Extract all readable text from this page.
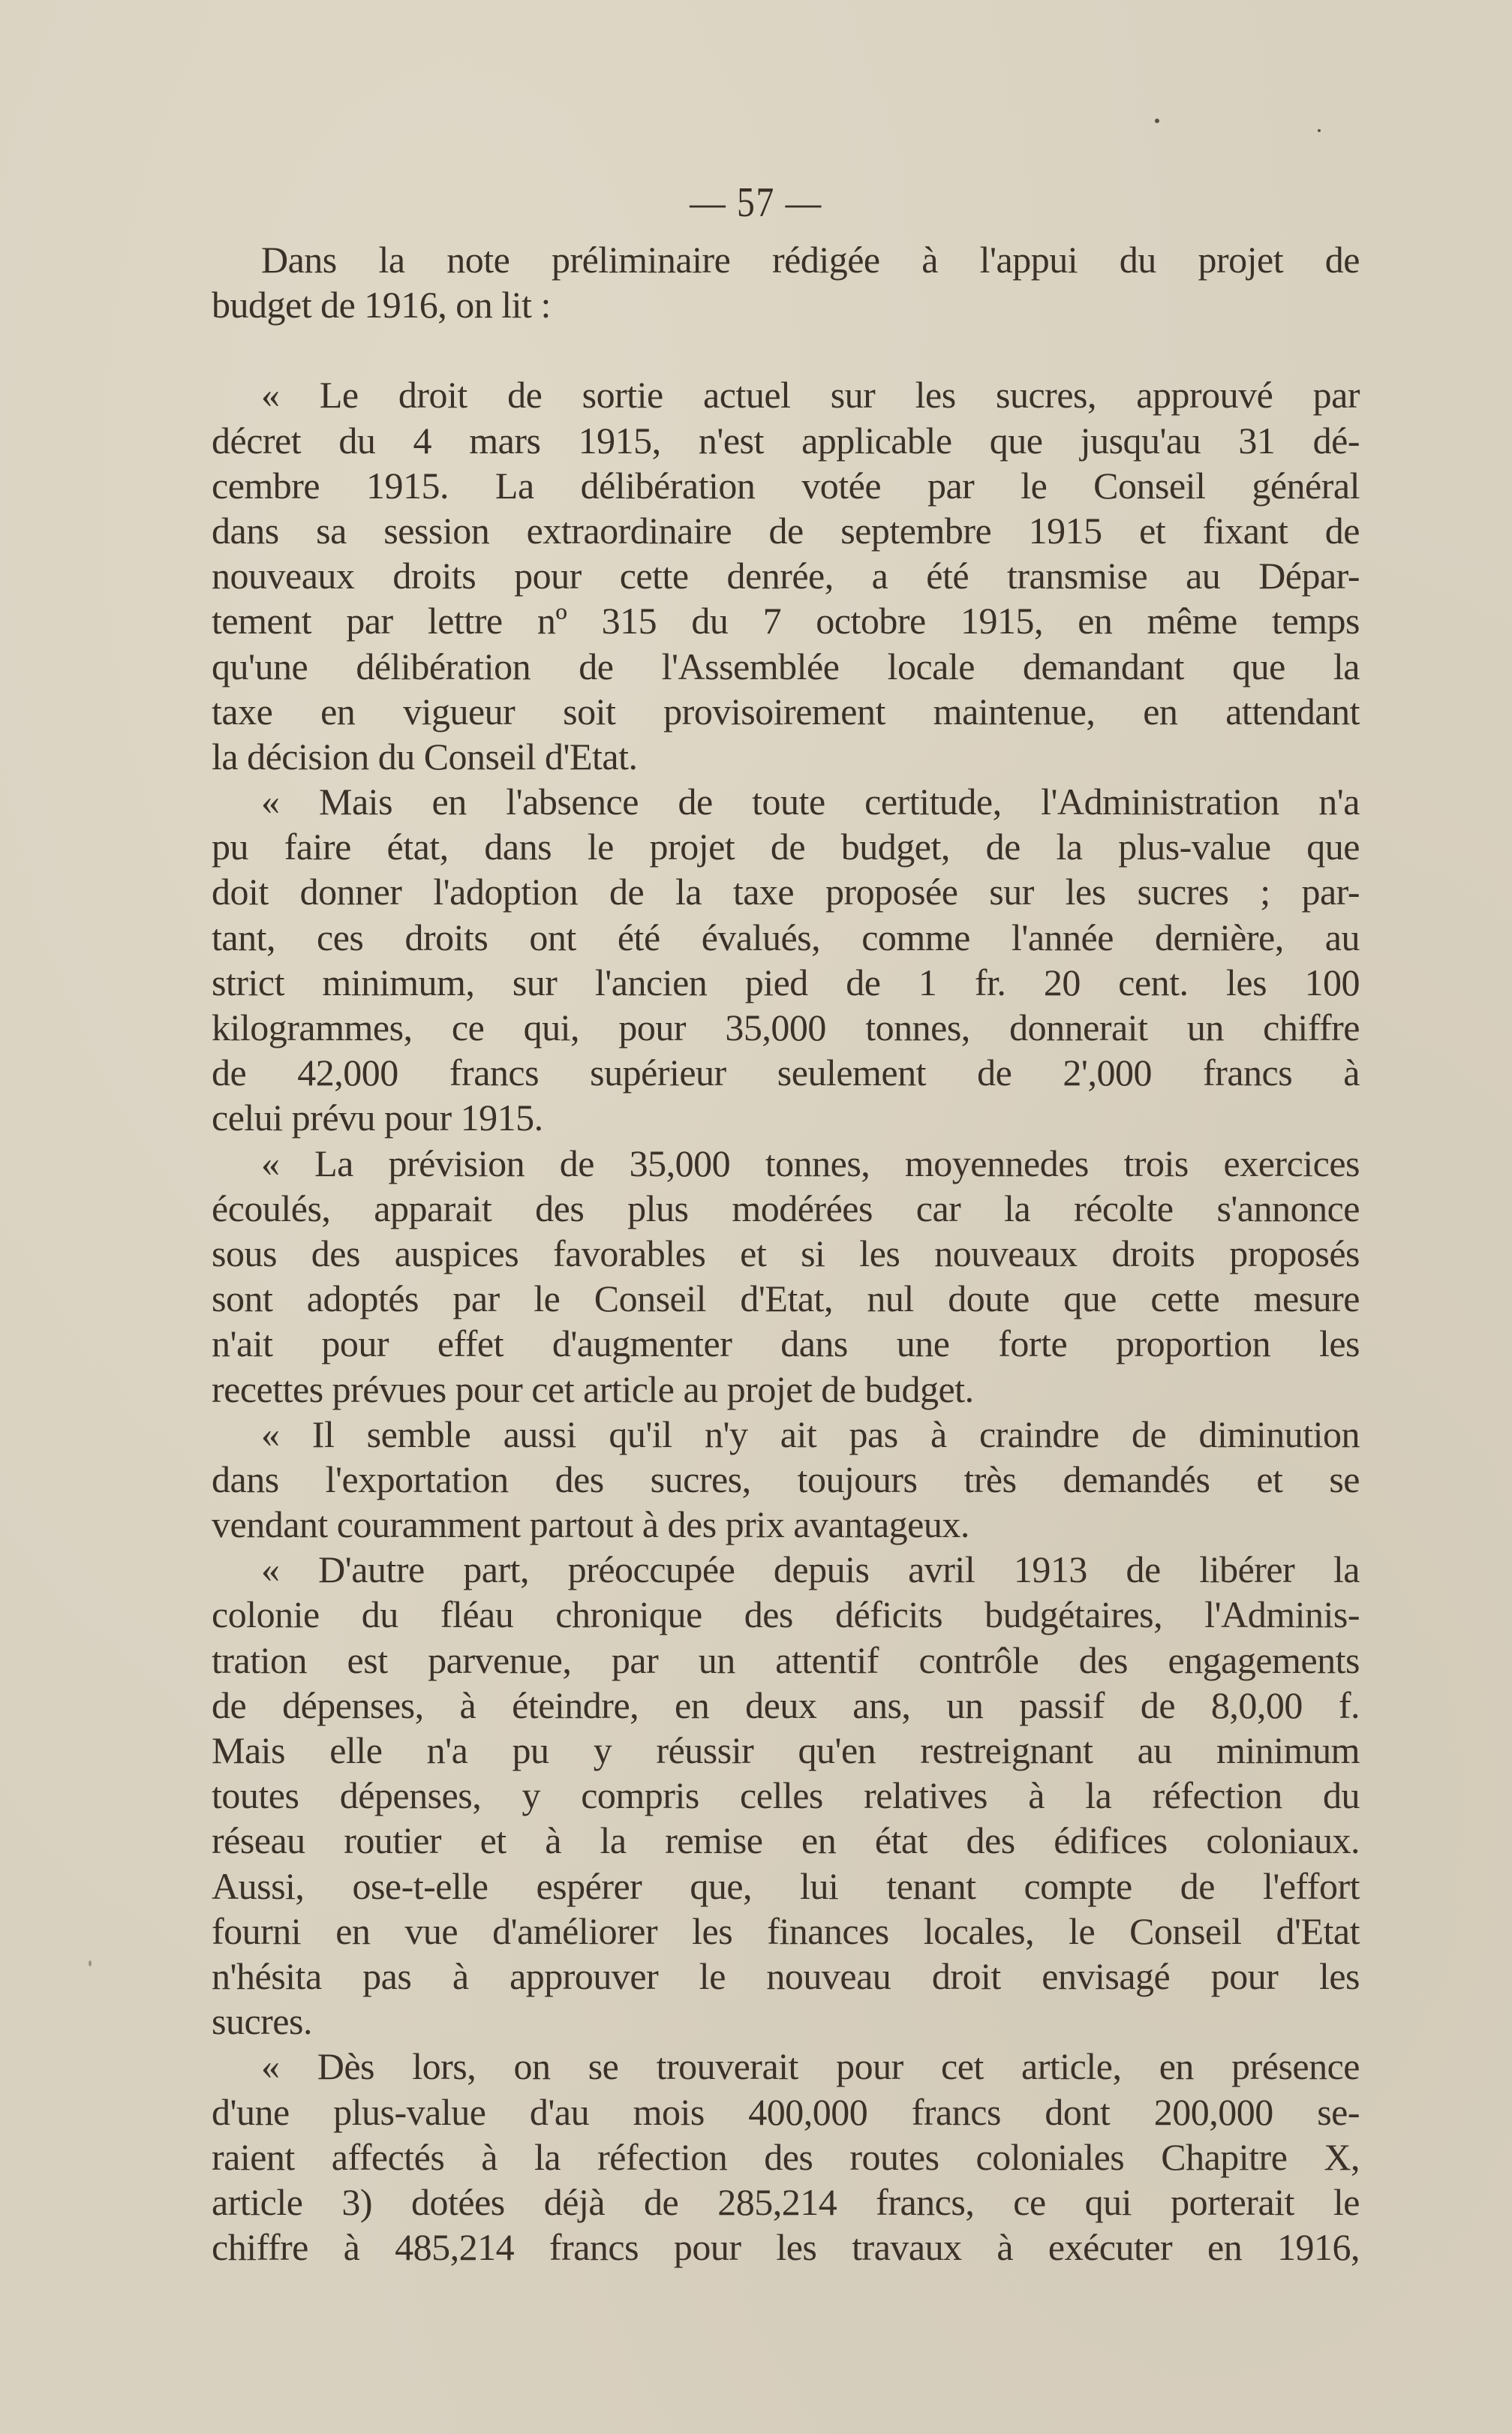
— 57 —
Dans la note préliminaire rédigée à l'appui du projet de
budget de 1916, on lit :
« Le droit de sortie actuel sur les sucres, approuvé par
décret du 4 mars 1915, n'est applicable que jusqu'au 31 dé-
cembre 1915. La délibération votée par le Conseil général
dans sa session extraordinaire de septembre 1915 et fixant de
nouveaux droits pour cette denrée, a été transmise au Dépar-
tement par lettre nº 315 du 7 octobre 1915, en même temps
qu'une délibération de l'Assemblée locale demandant que la
taxe en vigueur soit provisoirement maintenue, en attendant
la décision du Conseil d'Etat.
« Mais en l'absence de toute certitude, l'Administration n'a
pu faire état, dans le projet de budget, de la plus-value que
doit donner l'adoption de la taxe proposée sur les sucres ; par-
tant, ces droits ont été évalués, comme l'année dernière, au
strict minimum, sur l'ancien pied de 1 fr. 20 cent. les 100
kilogrammes, ce qui, pour 35,000 tonnes, donnerait un chiffre
de 42,000 francs supérieur seulement de 2',000 francs à
celui prévu pour 1915.
« La prévision de 35,000 tonnes, moyennedes trois exercices
écoulés, apparait des plus modérées car la récolte s'annonce
sous des auspices favorables et si les nouveaux droits proposés
sont adoptés par le Conseil d'Etat, nul doute que cette mesure
n'ait pour effet d'augmenter dans une forte proportion les
recettes prévues pour cet article au projet de budget.
« Il semble aussi qu'il n'y ait pas à craindre de diminution
dans l'exportation des sucres, toujours très demandés et se
vendant couramment partout à des prix avantageux.
« D'autre part, préoccupée depuis avril 1913 de libérer la
colonie du fléau chronique des déficits budgétaires, l'Adminis-
tration est parvenue, par un attentif contrôle des engagements
de dépenses, à éteindre, en deux ans, un passif de 8,0,00 f.
Mais elle n'a pu y réussir qu'en restreignant au minimum
toutes dépenses, y compris celles relatives à la réfection du
réseau routier et à la remise en état des édifices coloniaux.
Aussi, ose-t-elle espérer que, lui tenant compte de l'effort
fourni en vue d'améliorer les finances locales, le Conseil d'Etat
n'hésita pas à approuver le nouveau droit envisagé pour les
sucres.
« Dès lors, on se trouverait pour cet article, en présence
d'une plus-value d'au mois 400,000 francs dont 200,000 se-
raient affectés à la réfection des routes coloniales Chapitre X,
article 3) dotées déjà de 285,214 francs, ce qui porterait le
chiffre à 485,214 francs pour les travaux à exécuter en 1916,
